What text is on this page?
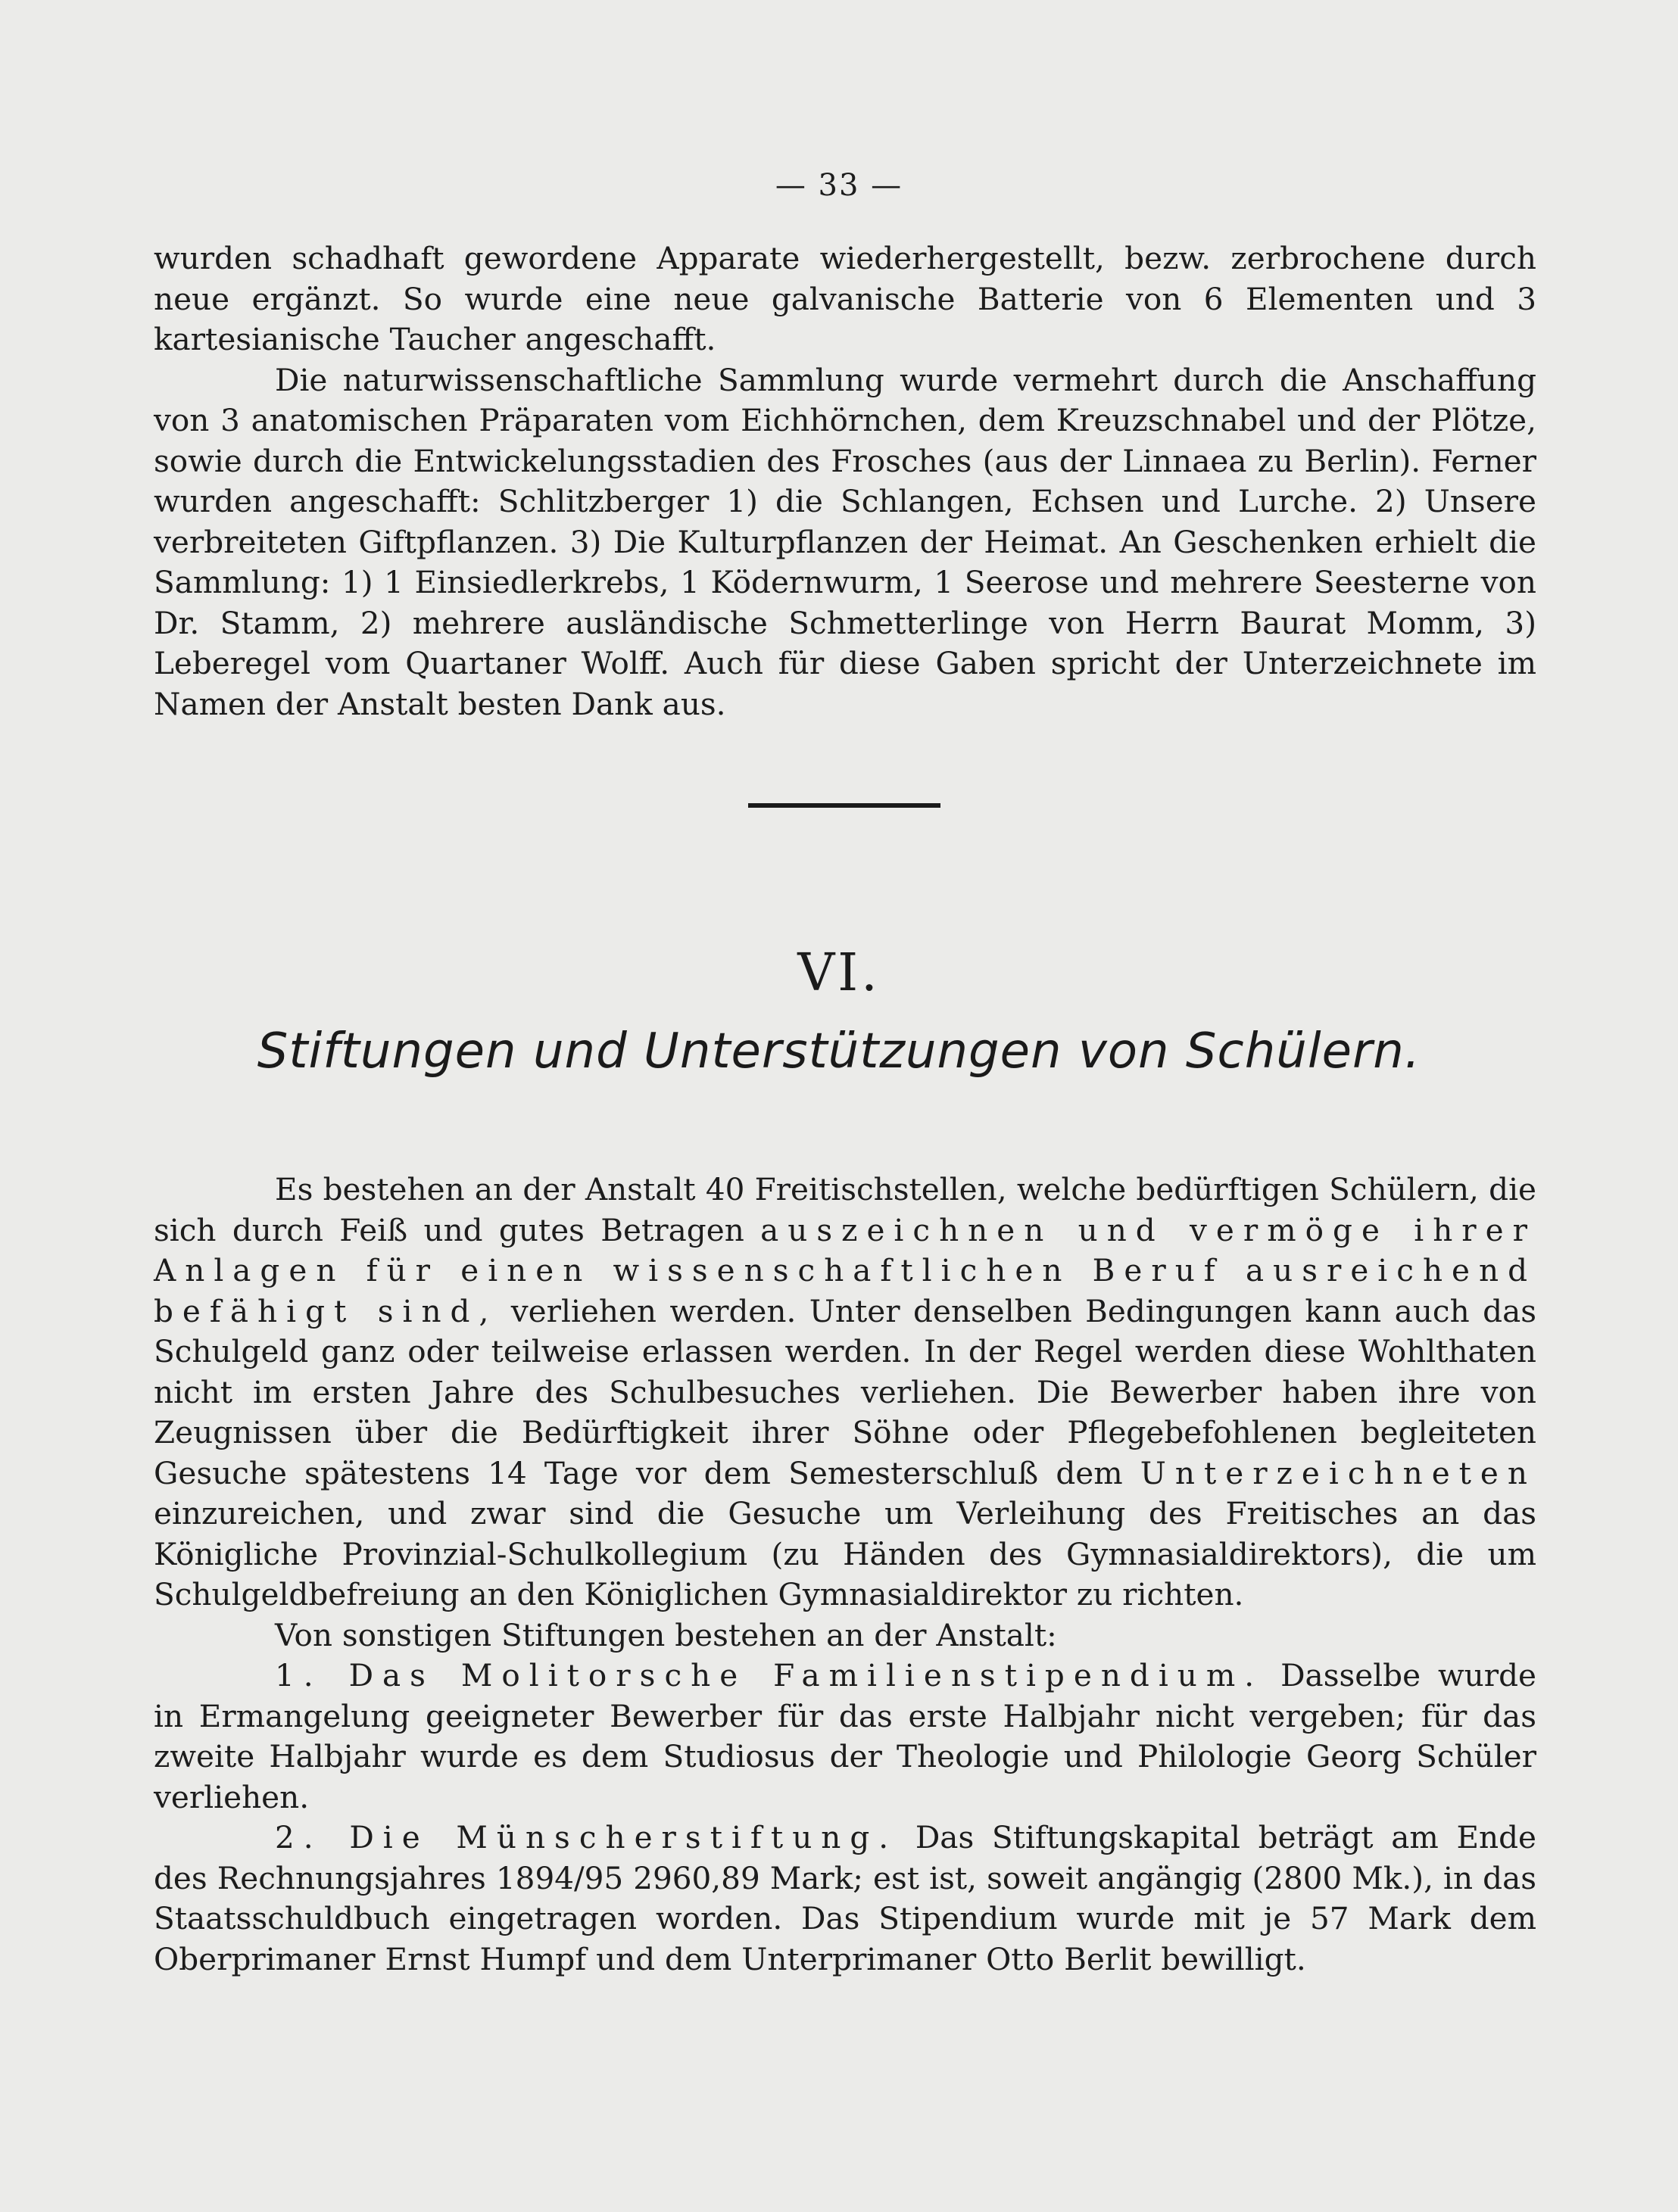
— 33 —

wurden schadhaft gewordene Apparate wiederhergestellt, bezw. zerbrochene durch neue ergänzt. So wurde eine neue galvanische Batterie von 6 Elementen und 3 kartesianische Taucher angeschafft.

Die naturwissenschaftliche Sammlung wurde vermehrt durch die Anschaffung von 3 anatomischen Präparaten vom Eichhörnchen, dem Kreuzschnabel und der Plötze, sowie durch die Entwickelungsstadien des Frosches (aus der Linnaea zu Berlin). Ferner wurden angeschafft: Schlitzberger 1) die Schlangen, Echsen und Lurche. 2) Unsere verbreiteten Giftpflanzen. 3) Die Kulturpflanzen der Heimat. An Geschenken erhielt die Sammlung: 1) 1 Einsiedlerkrebs, 1 Ködernwurm, 1 Seerose und mehrere Seesterne von Dr. Stamm, 2) mehrere ausländische Schmetterlinge von Herrn Baurat Momm, 3) Leberegel vom Quartaner Wolff. Auch für diese Gaben spricht der Unterzeichnete im Namen der Anstalt besten Dank aus.

VI.
Stiftungen und Unterstützungen von Schülern.

Es bestehen an der Anstalt 40 Freitischstellen, welche bedürftigen Schülern, die sich durch Feiß und gutes Betragen auszeichnen und vermöge ihrer Anlagen für einen wissenschaftlichen Beruf ausreichend befähigt sind, verliehen werden. Unter denselben Bedingungen kann auch das Schulgeld ganz oder teilweise erlassen werden. In der Regel werden diese Wohlthaten nicht im ersten Jahre des Schulbesuches verliehen. Die Bewerber haben ihre von Zeugnissen über die Bedürftigkeit ihrer Söhne oder Pflegebefohlenen begleiteten Gesuche spätestens 14 Tage vor dem Semesterschluß dem Unterzeichneten einzureichen, und zwar sind die Gesuche um Verleihung des Freitisches an das Königliche Provinzial-Schulkollegium (zu Händen des Gymnasialdirektors), die um Schulgeldbefreiung an den Königlichen Gymnasialdirektor zu richten.

Von sonstigen Stiftungen bestehen an der Anstalt:

1. Das Molitorsche Familienstipendium. Dasselbe wurde in Ermangelung geeigneter Bewerber für das erste Halbjahr nicht vergeben; für das zweite Halbjahr wurde es dem Studiosus der Theologie und Philologie Georg Schüler verliehen.

2. Die Münscherstiftung. Das Stiftungskapital beträgt am Ende des Rechnungsjahres 1894/95 2960,89 Mark; est ist, soweit angängig (2800 Mk.), in das Staatsschuldbuch eingetragen worden. Das Stipendium wurde mit je 57 Mark dem Oberprimaner Ernst Humpf und dem Unterprimaner Otto Berlit bewilligt.
